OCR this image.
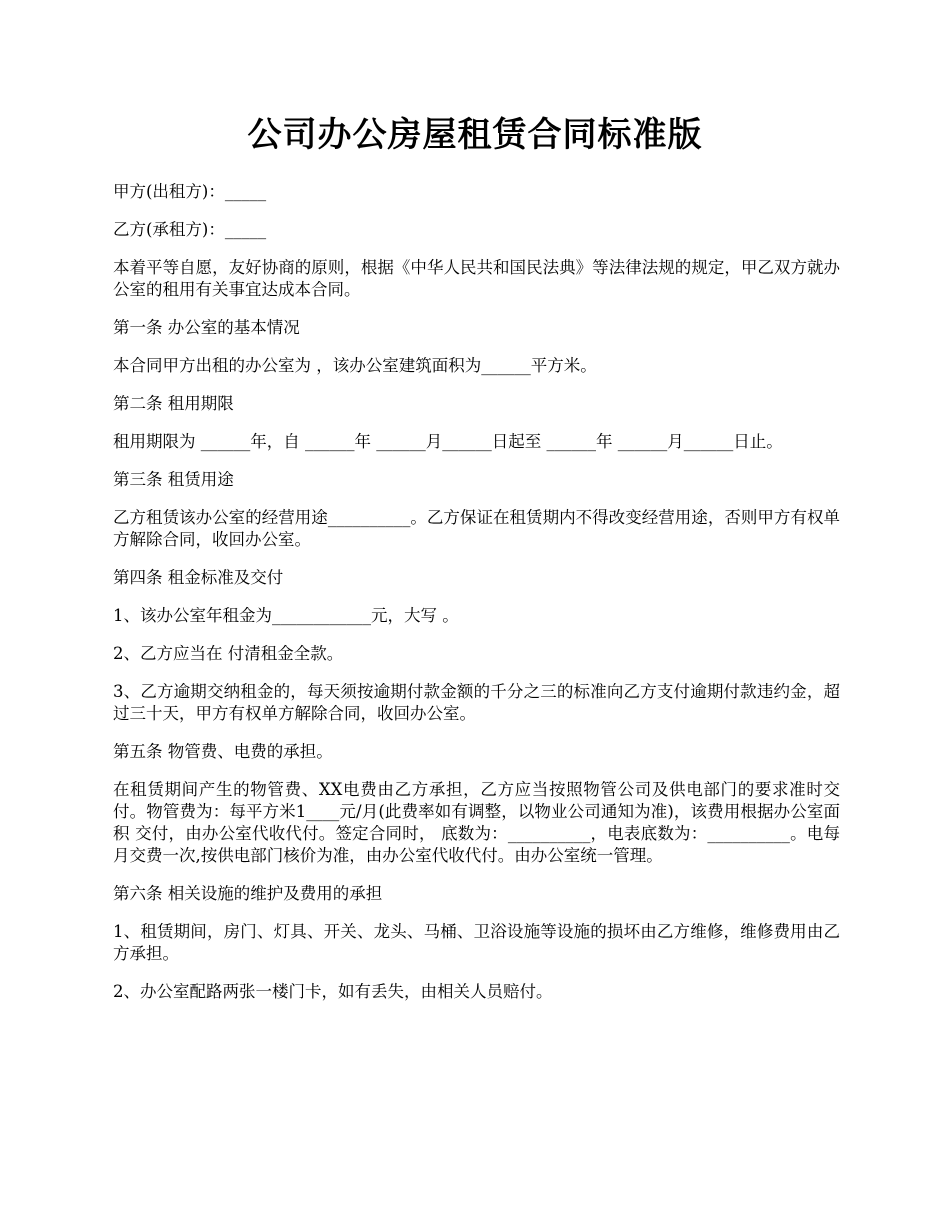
公司办公房屋租赁合同标准版

甲方(出租方)：_____

乙方(承租方)：_____

本着平等自愿，友好协商的原则，根据《中华人民共和国民法典》等法律法规的规定，甲乙双方就办公室的租用有关事宜达成本合同。

第一条 办公室的基本情况

本合同甲方出租的办公室为 ，该办公室建筑面积为______平方米。

第二条 租用期限

租用期限为 ______年，自 ______年 ______月______日起至 ______年 ______月______日止。

第三条 租赁用途

乙方租赁该办公室的经营用途__________。乙方保证在租赁期内不得改变经营用途，否则甲方有权单方解除合同，收回办公室。

第四条 租金标准及交付

1、该办公室年租金为____________元，大写 。

2、乙方应当在 付清租金全款。

3、乙方逾期交纳租金的，每天须按逾期付款金额的千分之三的标准向乙方支付逾期付款违约金，超过三十天，甲方有权单方解除合同，收回办公室。

第五条 物管费、电费的承担。

在租赁期间产生的物管费、XX电费由乙方承担，乙方应当按照物管公司及供电部门的要求准时交付。物管费为：每平方米1____元/月(此费率如有调整，以物业公司通知为准)，该费用根据办公室面积 交付，由办公室代收代付。签定合同时， 底数为：__________，电表底数为：__________。电每月交费一次,按供电部门核价为准，由办公室代收代付。由办公室统一管理。

第六条 相关设施的维护及费用的承担

1、租赁期间，房门、灯具、开关、龙头、马桶、卫浴设施等设施的损坏由乙方维修，维修费用由乙方承担。

2、办公室配路两张一楼门卡，如有丢失，由相关人员赔付。
